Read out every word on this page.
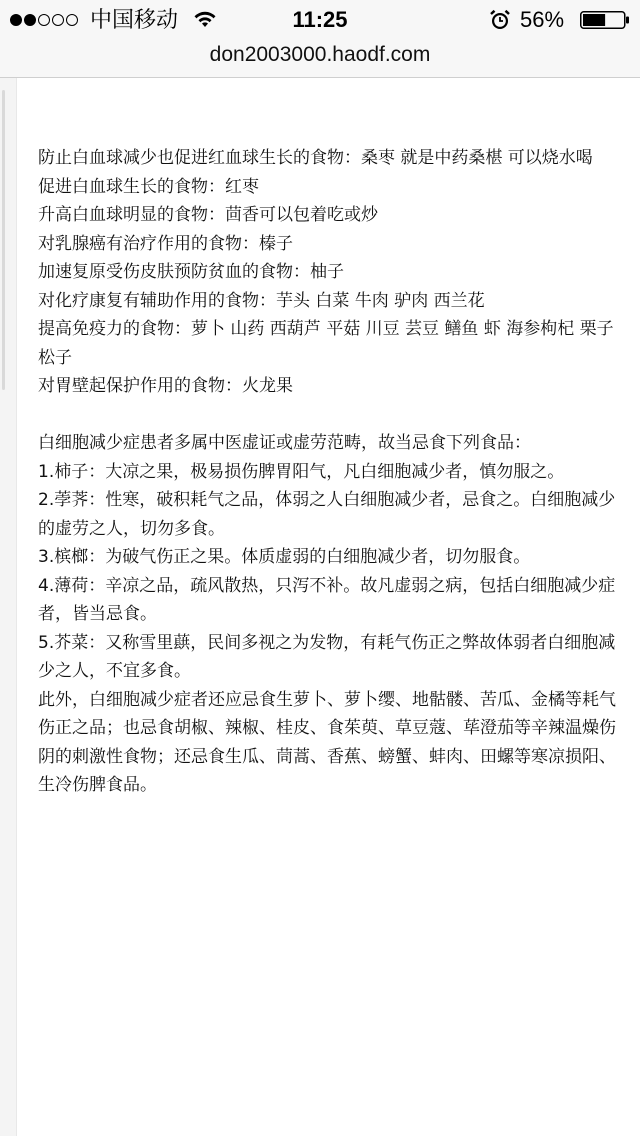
中国移动	11:25	56%
don2003000.haodf.com

防止白血球减少也促进红血球生长的食物：桑枣 就是中药桑椹 可以烧水喝

促进白血球生长的食物：红枣

升高白血球明显的食物：茴香可以包着吃或炒

对乳腺癌有治疗作用的食物：榛子

加速复原受伤皮肤预防贫血的食物：柚子

对化疗康复有辅助作用的食物：芋头 白菜 牛肉 驴肉 西兰花

提高免疫力的食物：萝卜 山药 西葫芦 平菇 川豆 芸豆 鳝鱼 虾 海参枸杞 栗子 松子

对胃壁起保护作用的食物：火龙果

白细胞减少症患者多属中医虚证或虚劳范畴，故当忌食下列食品：

1.柿子：大凉之果，极易损伤脾胃阳气，凡白细胞减少者，慎勿服之。

2.荸荠：性寒，破积耗气之品，体弱之人白细胞减少者，忌食之。白细胞减少的虚劳之人，切勿多食。

3.槟榔：为破气伤正之果。体质虚弱的白细胞减少者，切勿服食。

4.薄荷：辛凉之品，疏风散热，只泻不补。故凡虚弱之病，包括白细胞减少症者，皆当忌食。

5.芥菜：又称雪里蕻，民间多视之为发物，有耗气伤正之弊故体弱者白细胞减少之人，不宜多食。

此外，白细胞减少症者还应忌食生萝卜、萝卜缨、地骷髅、苦瓜、金橘等耗气伤正之品；也忌食胡椒、辣椒、桂皮、食茱萸、草豆蔻、荜澄茄等辛辣温燥伤阴的刺激性食物；还忌食生瓜、茼蒿、香蕉、螃蟹、蚌肉、田螺等寒凉损阳、生冷伤脾食品。
